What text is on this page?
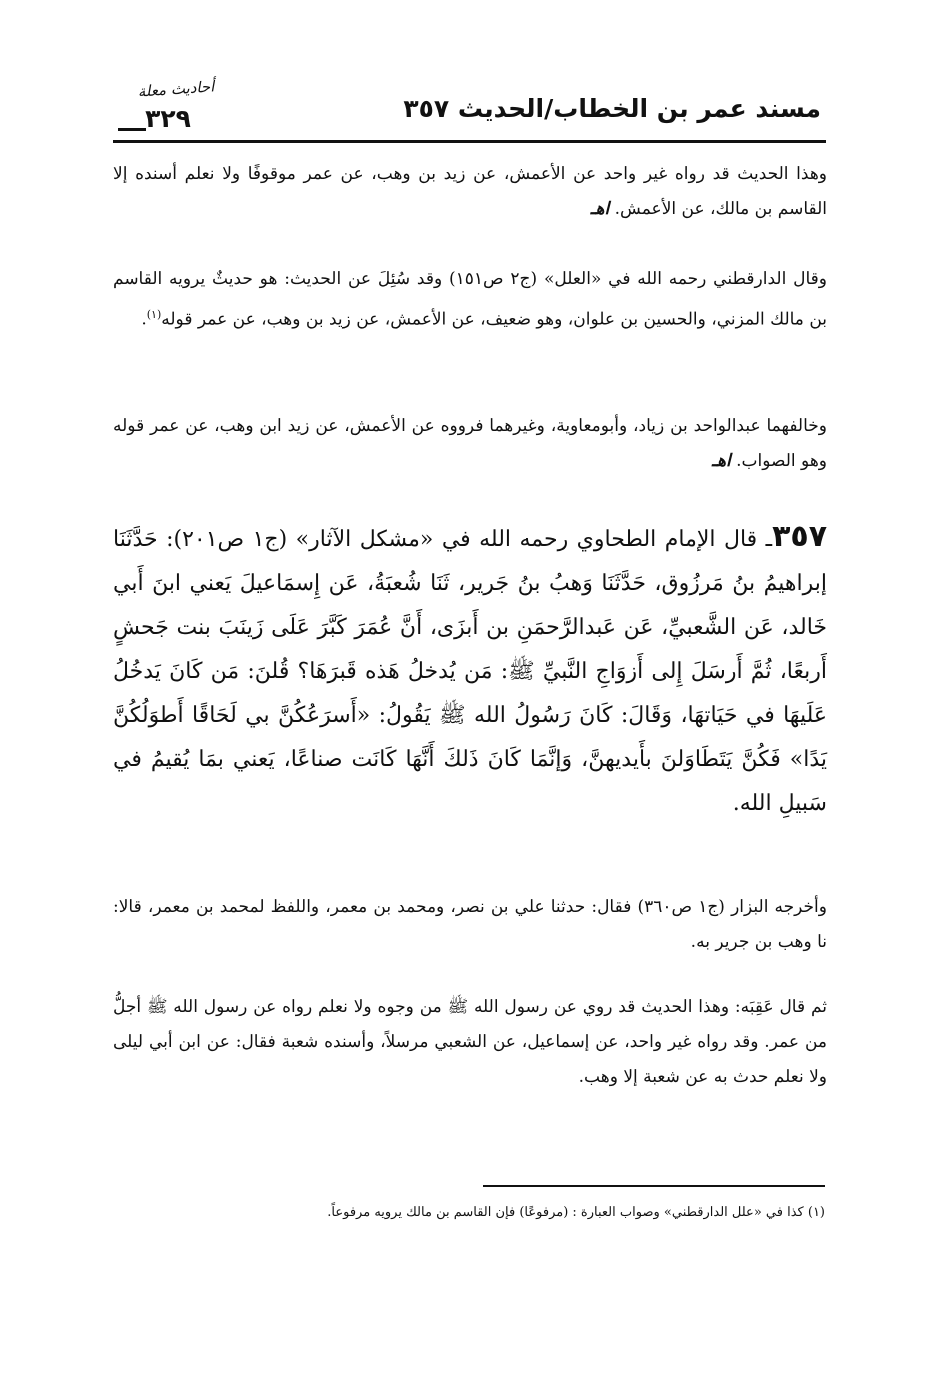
مسند عمر بن الخطاب/الحديث ٣٥٧
أحاديث معلة
٣٢٩

وهذا الحديث قد رواه غير واحد عن الأعمش، عن زيد بن وهب، عن عمر موقوفًا ولا نعلم أسنده إلا القاسم بن مالك، عن الأعمش. اهـ

وقال الدارقطني رحمه الله في «العلل» (ج٢ ص١٥١) وقد سُئِلَ عن الحديث: هو حديثٌ يرويه القاسم بن مالك المزني، والحسين بن علوان، وهو ضعيف، عن الأعمش، عن زيد بن وهب، عن عمر قوله$^{(١)}$.

وخالفهما عبدالواحد بن زياد، وأبومعاوية، وغيرهما فرووه عن الأعمش، عن زيد ابن وهب، عن عمر قوله وهو الصواب. اهـ

٣٥٧ـ قال الإمام الطحاوي رحمه الله في «مشكل الآثار» (ج١ ص٢٠١): حَدَّثَنَا إبراهيمُ بنُ مَرزُوق، حَدَّثَنَا وَهبُ بنُ جَرير، ثَنَا شُعبَةُ، عَن إِسمَاعيلَ يَعني ابنَ أَبي خَالد، عَن الشَّعبيِّ، عَن عَبدالرَّحمَنِ بن أَبزَى، أَنَّ عُمَرَ كَبَّرَ عَلَى زَينَبَ بنت جَحشٍ أَربعًا، ثُمَّ أَرسَلَ إِلى أَزوَاجِ النَّبيِّ ﷺ: مَن يُدخلُ هَذه قَبرَهَا؟ قُلنَ: مَن كَانَ يَدخُلُ عَلَيهَا في حَيَاتهَا، وَقَالَ: كَانَ رَسُولُ الله ﷺ يَقُولُ: «أَسرَعُكُنَّ بي لَحَاقًا أَطوَلُكُنَّ يَدًا» فَكُنَّ يَتَطَاوَلنَ بأَيديهنَّ، وَإنَّمَا كَانَ ذَلكَ أَنَّهَا كَانَت صناعًا، يَعني بمَا يُقيمُ في سَبيلِ الله.

وأخرجه البزار (ج١ ص٣٦٠) فقال: حدثنا علي بن نصر، ومحمد بن معمر، واللفظ لمحمد بن معمر، قالا: نا وهب بن جرير به.

ثم قال عَقِبَه: وهذا الحديث قد روي عن رسول الله ﷺ من وجوه ولا نعلم رواه عن رسول الله ﷺ أجلُّ من عمر. وقد رواه غير واحد، عن إسماعيل، عن الشعبي مرسلاً، وأسنده شعبة فقال: عن ابن أبي ليلى ولا نعلم حدث به عن شعبة إلا وهب.

(١) كذا في «علل الدارقطني» وصواب العبارة : (مرفوعًا) فإن القاسم بن مالك يرويه مرفوعاً.
